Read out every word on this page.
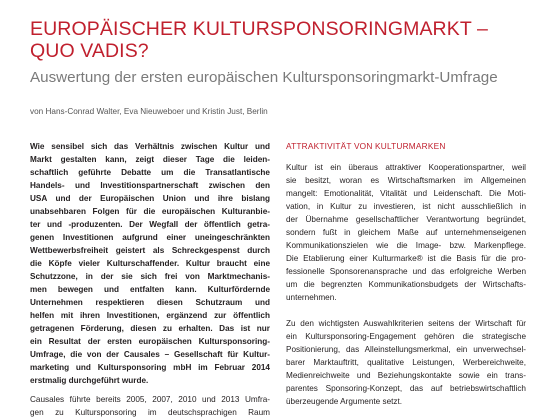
EUROPÄISCHER KULTURSPONSORINGMARKT –
QUO VADIS?
Auswertung der ersten europäischen Kultursponsoringmarkt-Umfrage

von Hans-Conrad Walter, Eva Nieuweboer und Kristin Just, Berlin

Wie sensibel sich das Verhältnis zwischen Kultur und
Markt gestalten kann, zeigt dieser Tage die leiden-
schaftlich geführte Debatte um die Transatlantische
Handels- und Investitionspartnerschaft zwischen den
USA und der Europäischen Union und ihre bislang
unabsehbaren Folgen für die europäischen Kulturanbie-
ter und -produzenten. Der Wegfall der öffentlich getra-
genen Investitionen aufgrund einer uneingeschränkten
Wettbewerbsfreiheit geistert als Schreckgespenst durch
die Köpfe vieler Kulturschaffender. Kultur braucht eine
Schutzzone, in der sie sich frei von Marktmechanis-
men bewegen und entfalten kann. Kulturfördernde
Unternehmen respektieren diesen Schutzraum und
helfen mit ihren Investitionen, ergänzend zur öffentlich
getragenen Förderung, diesen zu erhalten. Das ist nur
ein Resultat der ersten europäischen Kultursponsoring-
Umfrage, die von der Causales – Gesellschaft für Kultur-
marketing und Kultursponsoring mbH im Februar 2014
erstmalig durchgeführt wurde.
Causales führte bereits 2005, 2007, 2010 und 2013 Umfra-
gen zu Kultursponsoring im deutschsprachigen Raum
ATTRAKTIVITÄT VON KULTURMARKEN
Kultur ist ein überaus attraktiver Kooperationspartner, weil
sie besitzt, woran es Wirtschaftsmarken im Allgemeinen
mangelt: Emotionalität, Vitalität und Leidenschaft. Die Moti-
vation, in Kultur zu investieren, ist nicht ausschließlich in
der Übernahme gesellschaftlicher Verantwortung begründet,
sondern fußt in gleichem Maße auf unternehmenseigenen
Kommunikationszielen wie die Image- bzw. Markenpflege.
Die Etablierung einer Kulturmarke® ist die Basis für die pro-
fessionelle Sponsorenansprache und das erfolgreiche Werben
um die begrenzten Kommunikationsbudgets der Wirtschafts-
unternehmen.
Zu den wichtigsten Auswahlkriterien seitens der Wirtschaft für
ein Kultursponsoring-Engagement gehören die strategische
Positionierung, das Alleinstellungsmerkmal, ein unverwechsel-
barer Marktauftritt, qualitative Leistungen, Werbereichweite,
Medienreichweite und Beziehungskontakte sowie ein trans-
parentes Sponsoring-Konzept, das auf betriebswirtschaftlich
überzeugende Argumente setzt.
